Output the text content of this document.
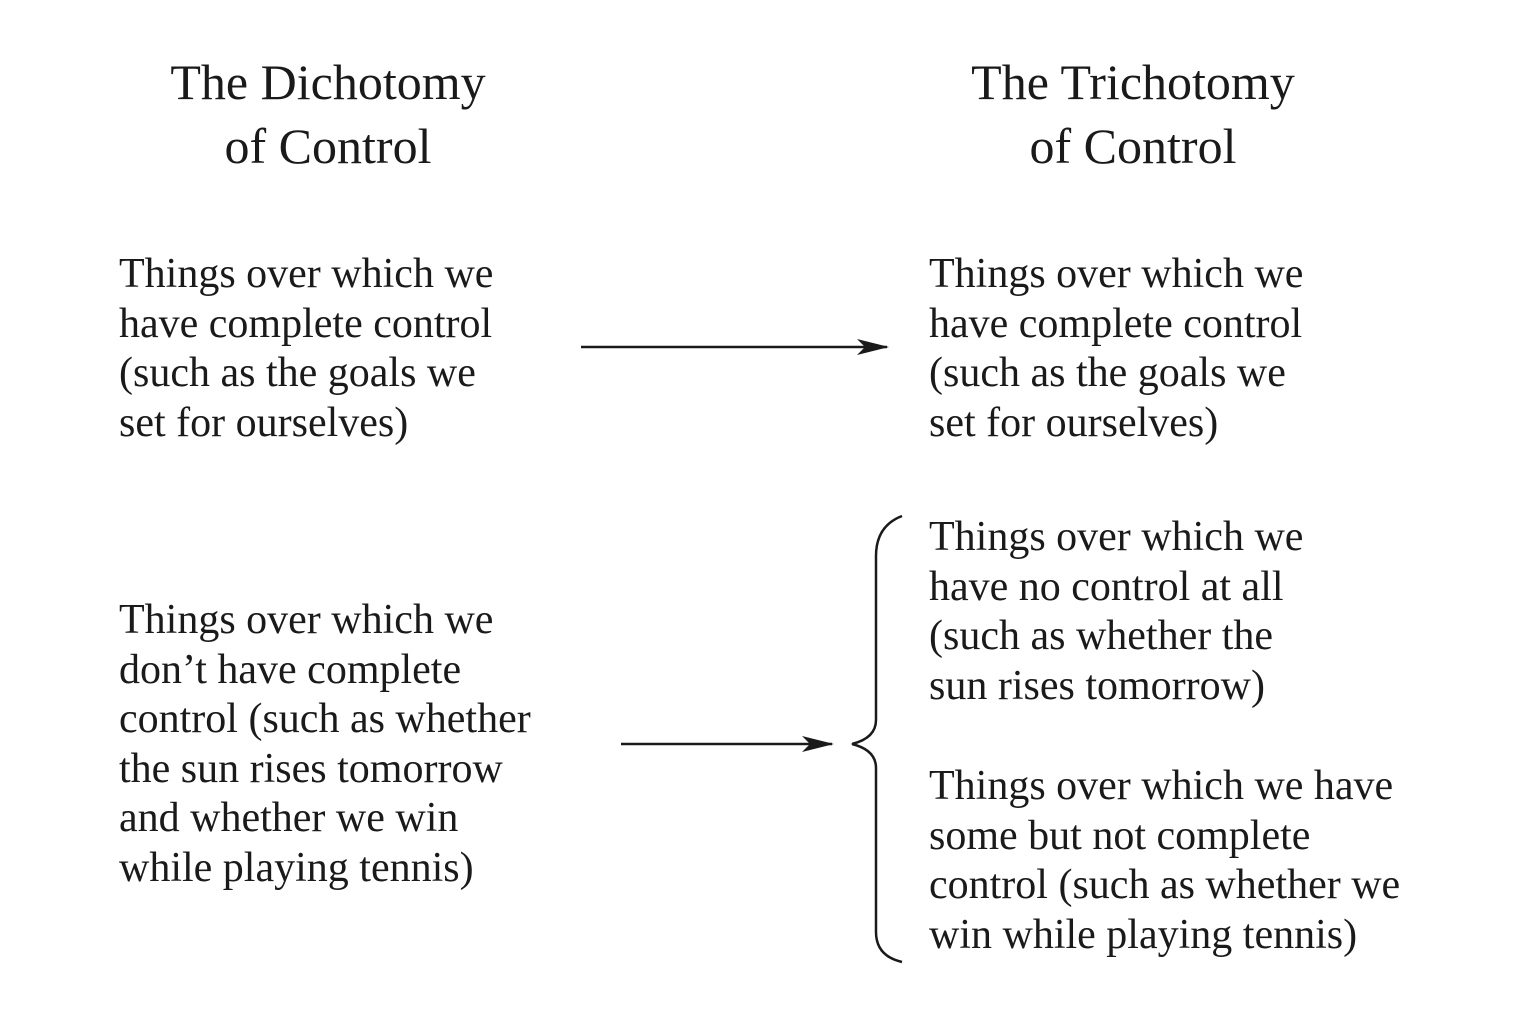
The Dichotomy
of Control
The Trichotomy
of Control

Things over which we
have complete control
(such as the goals we
set for ourselves)

Things over which we
don’t have complete
control (such as whether
the sun rises tomorrow
and whether we win
while playing tennis)

Things over which we
have complete control
(such as the goals we
set for ourselves)

Things over which we
have no control at all
(such as whether the
sun rises tomorrow)

Things over which we have
some but not complete
control (such as whether we
win while playing tennis)
